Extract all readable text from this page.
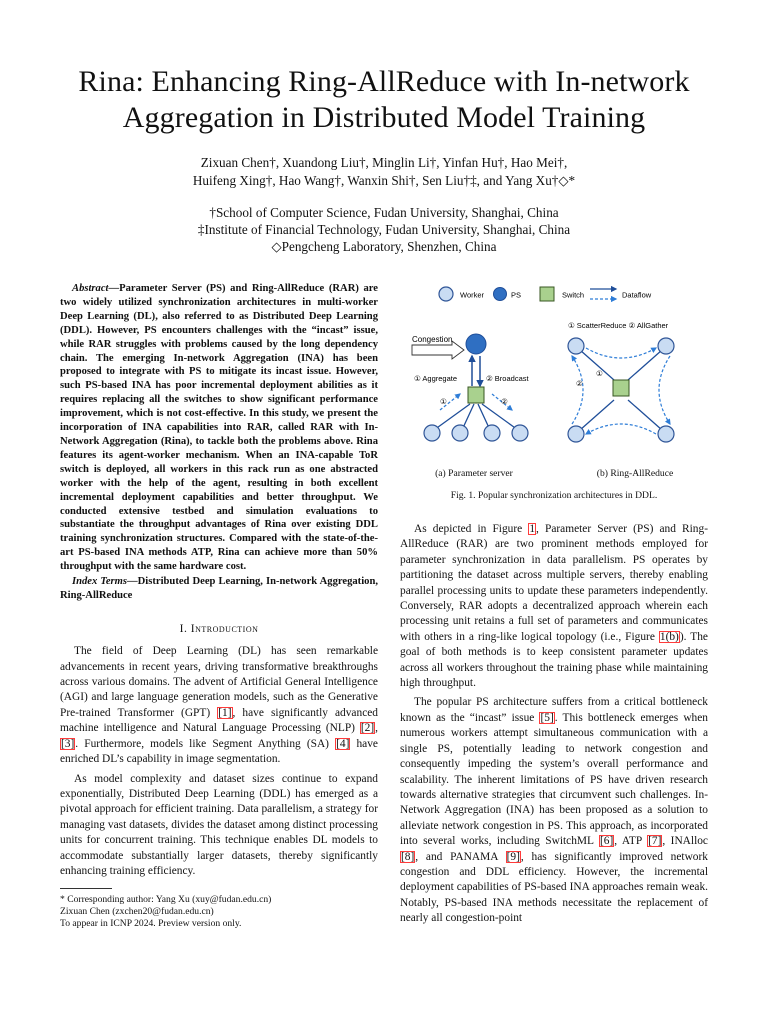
Rina: Enhancing Ring-AllReduce with In-network
Aggregation in Distributed Model Training
Zixuan Chen†, Xuandong Liu†, Minglin Li†, Yinfan Hu†, Hao Mei†,
Huifeng Xing†, Hao Wang†, Wanxin Shi†, Sen Liu†‡, and Yang Xu†◇*
†School of Computer Science, Fudan University, Shanghai, China
‡Institute of Financial Technology, Fudan University, Shanghai, China
◇Pengcheng Laboratory, Shenzhen, China

Abstract—Parameter Server (PS) and Ring-AllReduce (RAR) are two widely utilized synchronization architectures in multi-worker Deep Learning (DL), also referred to as Distributed Deep Learning (DDL). However, PS encounters challenges with the “incast” issue, while RAR struggles with problems caused by the long dependency chain. The emerging In-network Aggregation (INA) has been proposed to integrate with PS to mitigate its incast issue. However, such PS-based INA has poor incremental deployment abilities as it requires replacing all the switches to show significant performance improvement, which is not cost-effective. In this study, we present the incorporation of INA capabilities into RAR, called RAR with In-Network Aggregation (Rina), to tackle both the problems above. Rina features its agent-worker mechanism. When an INA-capable ToR switch is deployed, all workers in this rack run as one abstracted worker with the help of the agent, resulting in both excellent incremental deployment capabilities and better throughput. We conducted extensive testbed and simulation evaluations to substantiate the throughput advantages of Rina over existing DDL training synchronization structures. Compared with the state-of-the-art PS-based INA methods ATP, Rina can achieve more than 50% throughput with the same hardware cost.

Index Terms—Distributed Deep Learning, In-network Aggregation, Ring-AllReduce

I. Introduction

The field of Deep Learning (DL) has seen remarkable advancements in recent years, driving transformative breakthroughs across various domains. The advent of Artificial General Intelligence (AGI) and large language generation models, such as the Generative Pre-trained Transformer (GPT) [1], have significantly advanced machine intelligence and Natural Language Processing (NLP) [2], [3]. Furthermore, models like Segment Anything (SA) [4] have enriched DL’s capability in image segmentation.

As model complexity and dataset sizes continue to expand exponentially, Distributed Deep Learning (DDL) has emerged as a pivotal approach for efficient training. Data parallelism, a strategy for managing vast datasets, divides the dataset among distinct processing units for concurrent training. This technique enables DL models to accommodate substantially larger datasets, thereby significantly enhancing training efficiency.

* Corresponding author: Yang Xu (xuy@fudan.edu.cn)
Zixuan Chen (zxchen20@fudan.edu.cn)
To appear in ICNP 2024. Preview version only.
Worker	PS	Switch	Dataflow
Congestion
① Aggregate	② Broadcast
①	②
① ScatterReduce ② AllGather
①
②
(a) Parameter server	(b) Ring-AllReduce
Fig. 1. Popular synchronization architectures in DDL.

As depicted in Figure 1, Parameter Server (PS) and Ring-AllReduce (RAR) are two prominent methods employed for parameter synchronization in data parallelism. PS operates by partitioning the dataset across multiple servers, thereby enabling parallel processing units to update these parameters independently. Conversely, RAR adopts a decentralized approach wherein each processing unit retains a full set of parameters and communicates with others in a ring-like logical topology (i.e., Figure 1(b)). The goal of both methods is to keep consistent parameter updates across all workers throughout the training phase while maintaining high throughput.

The popular PS architecture suffers from a critical bottleneck known as the “incast” issue [5]. This bottleneck emerges when numerous workers attempt simultaneous communication with a single PS, potentially leading to network congestion and consequently impeding the system’s overall performance and scalability. The inherent limitations of PS have driven research towards alternative strategies that circumvent such challenges. In-Network Aggregation (INA) has been proposed as a solution to alleviate network congestion in PS. This approach, as incorporated into several works, including SwitchML [6], ATP [7], INAlloc [8], and PANAMA [9], has significantly improved network congestion and DDL efficiency. However, the incremental deployment capabilities of PS-based INA approaches remain weak. Notably, PS-based INA methods necessitate the replacement of nearly all congestion-point
